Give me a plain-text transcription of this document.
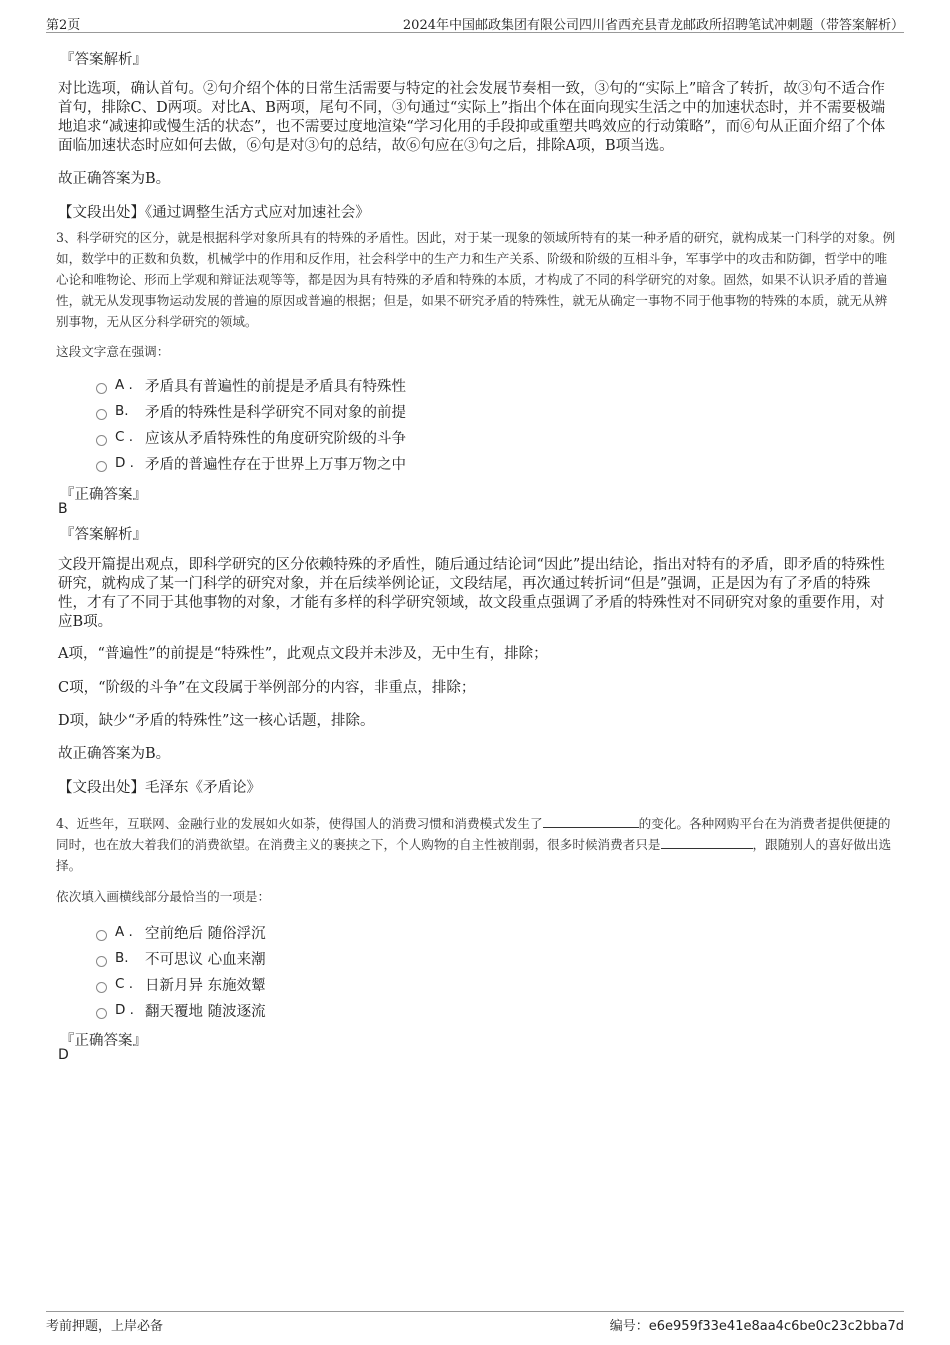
第2页	2024年中国邮政集团有限公司四川省西充县青龙邮政所招聘笔试冲刺题（带答案解析）

『答案解析』

对比选项，确认首句。②句介绍个体的日常生活需要与特定的社会发展节奏相一致，③句的“实际上”暗含了转折，故③句不适合作首句，排除C、D两项。对比A、B两项，尾句不同，③句通过“实际上”指出个体在面向现实生活之中的加速状态时，并不需要极端地追求“减速抑或慢生活的状态”，也不需要过度地渲染“学习化用的手段抑或重塑共鸣效应的行动策略”，而⑥句从正面介绍了个体面临加速状态时应如何去做，⑥句是对③句的总结，故⑥句应在③句之后，排除A项，B项当选。

故正确答案为B。

【文段出处】《通过调整生活方式应对加速社会》

3、科学研究的区分，就是根据科学对象所具有的特殊的矛盾性。因此，对于某一现象的领域所特有的某一种矛盾的研究，就构成某一门科学的对象。例如，数学中的正数和负数，机械学中的作用和反作用，社会科学中的生产力和生产关系、阶级和阶级的互相斗争，军事学中的攻击和防御，哲学中的唯心论和唯物论、形而上学观和辩证法观等等，都是因为具有特殊的矛盾和特殊的本质，才构成了不同的科学研究的对象。固然，如果不认识矛盾的普遍性，就无从发现事物运动发展的普遍的原因或普遍的根据；但是，如果不研究矛盾的特殊性，就无从确定一事物不同于他事物的特殊的本质，就无从辨别事物，无从区分科学研究的领域。

这段文字意在强调：

A . 矛盾具有普遍性的前提是矛盾具有特殊性
B.	矛盾的特殊性是科学研究不同对象的前提
C . 应该从矛盾特殊性的角度研究阶级的斗争
D . 矛盾的普遍性存在于世界上万事万物之中

『正确答案』

B

『答案解析』

文段开篇提出观点，即科学研究的区分依赖特殊的矛盾性，随后通过结论词“因此”提出结论，指出对特有的矛盾，即矛盾的特殊性研究，就构成了某一门科学的研究对象，并在后续举例论证，文段结尾，再次通过转折词“但是”强调，正是因为有了矛盾的特殊性，才有了不同于其他事物的对象，才能有多样的科学研究领域，故文段重点强调了矛盾的特殊性对不同研究对象的重要作用，对应B项。

A项，“普遍性”的前提是“特殊性”，此观点文段并未涉及，无中生有，排除；

C项，“阶级的斗争”在文段属于举例部分的内容，非重点，排除；

D项，缺少“矛盾的特殊性”这一核心话题，排除。

故正确答案为B。

【文段出处】毛泽东《矛盾论》

4、近些年，互联网、金融行业的发展如火如荼，使得国人的消费习惯和消费模式发生了	的变化。各种网购平台在为消费者提供便捷的同时，也在放大着我们的消费欲望。在消费主义的裹挟之下，个人购物的自主性被削弱，很多时候消费者只是	，跟随别人的喜好做出选择。

依次填入画横线部分最恰当的一项是：

A . 空前绝后 随俗浮沉
B.	不可思议 心血来潮
C . 日新月异 东施效颦
D . 翻天覆地 随波逐流

『正确答案』

D

考前押题，上岸必备	编号：e6e959f33e41e8aa4c6be0c23c2bba7d
